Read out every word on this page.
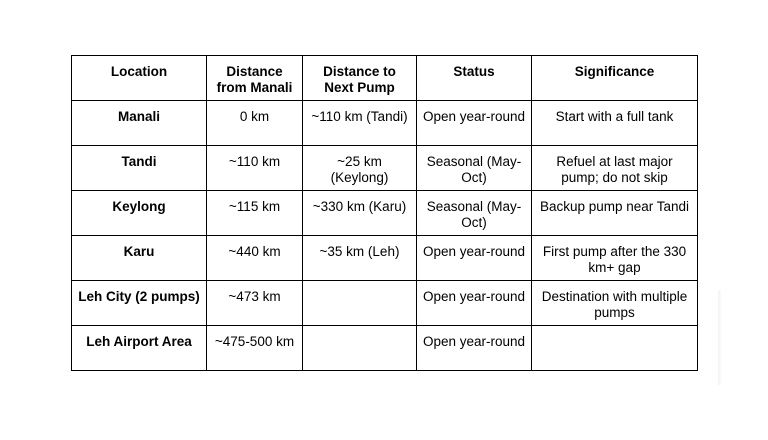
Location	Distance from Manali	Distance to Next Pump	Status	Significance
Manali	0 km	~110 km (Tandi)	Open year-round	Start with a full tank
Tandi	~110 km	~25 km (Keylong)	Seasonal (May-Oct)	Refuel at last major pump; do not skip
Keylong	~115 km	~330 km (Karu)	Seasonal (May-Oct)	Backup pump near Tandi
Karu	~440 km	~35 km (Leh)	Open year-round	First pump after the 330 km+ gap
Leh City (2 pumps)	~473 km		Open year-round	Destination with multiple pumps
Leh Airport Area	~475-500 km		Open year-round	
